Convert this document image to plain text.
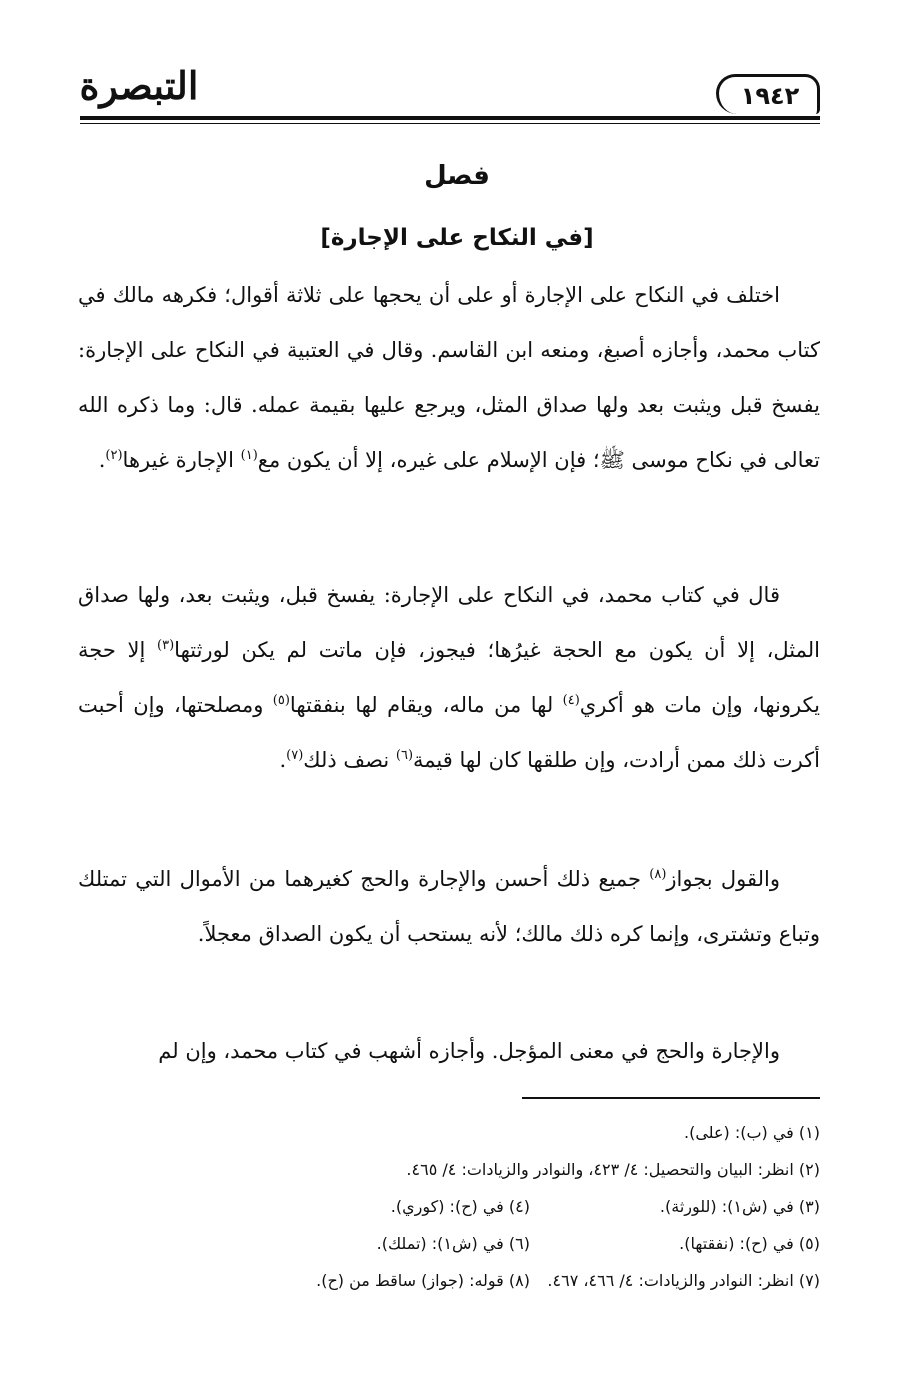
التبصرة	١٩٤٢
فصل
[في النكاح على الإجارة]

اختلف في النكاح على الإجارة أو على أن يحجها على ثلاثة أقوال؛ فكرهه مالك في كتاب محمد، وأجازه أصبغ، ومنعه ابن القاسم. وقال في العتبية في النكاح على الإجارة: يفسخ قبل ويثبت بعد ولها صداق المثل، ويرجع عليها بقيمة عمله. قال: وما ذكره الله تعالى في نكاح موسى ﷺ؛ فإن الإسلام على غيره، إلا أن يكون مع$^{(١)}$ الإجارة غيرها$^{(٢)}$.

قال في كتاب محمد، في النكاح على الإجارة: يفسخ قبل، ويثبت بعد، ولها صداق المثل، إلا أن يكون مع الحجة غيرُها؛ فيجوز، فإن ماتت لم يكن لورثتها$^{(٣)}$ إلا حجة يكرونها، وإن مات هو أكري$^{(٤)}$ لها من ماله، ويقام لها بنفقتها$^{(٥)}$ ومصلحتها، وإن أحبت أكرت ذلك ممن أرادت، وإن طلقها كان لها قيمة$^{(٦)}$ نصف ذلك$^{(٧)}$.

والقول بجواز$^{(٨)}$ جميع ذلك أحسن والإجارة والحج كغيرهما من الأموال التي تمتلك وتباع وتشترى، وإنما كره ذلك مالك؛ لأنه يستحب أن يكون الصداق معجلاً.

والإجارة والحج في معنى المؤجل. وأجازه أشهب في كتاب محمد، وإن لم

(١) في (ب): (على).
(٢) انظر: البيان والتحصيل: ٤/ ٤٢٣، والنوادر والزيادات: ٤/ ٤٦٥.
(٣) في (ش١): (للورثة).
(٤) في (ح): (كوري).
(٥) في (ح): (نفقتها).
(٦) في (ش١): (تملك).
(٧) انظر: النوادر والزيادات: ٤/ ٤٦٦، ٤٦٧.
(٨) قوله: (جواز) ساقط من (ح).
